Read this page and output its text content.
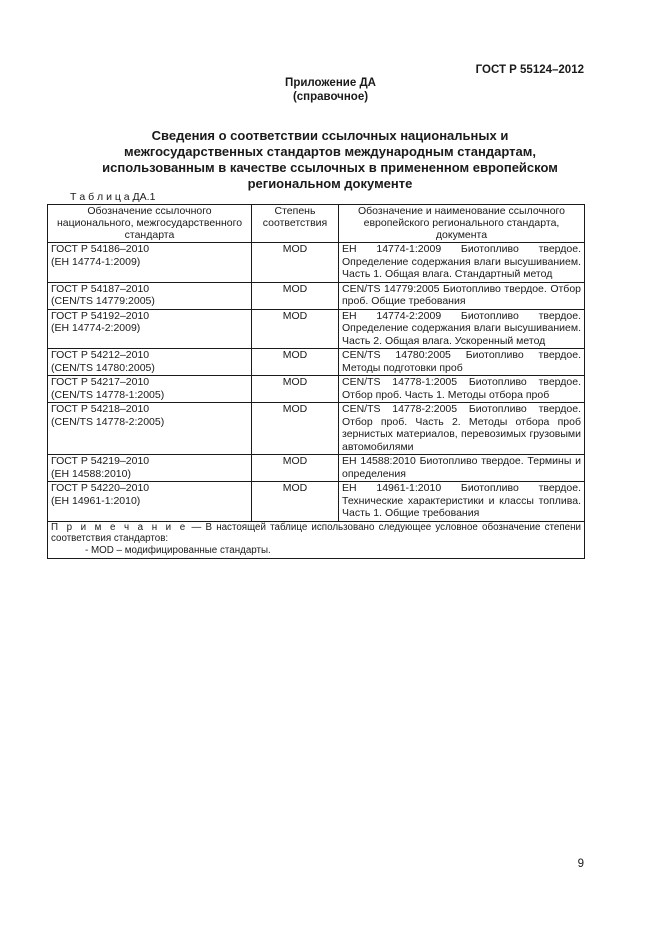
ГОСТ Р 55124–2012
Приложение ДА
(справочное)
Сведения о соответствии ссылочных национальных и
межгосударственных стандартов международным стандартам,
использованным в качестве ссылочных в примененном европейском
региональном документе
Т а б л и ц а ДА.1
Обозначение ссылочного национального, межгосударственного стандарта	Степень соответствия	Обозначение и наименование ссылочного европейского регионального стандарта, документа

ГОСТ Р 54186–2010
(ЕН 14774-1:2009)	MOD	ЕН 14774-1:2009 Биотопливо твердое. Определение содержания влаги высушиванием. Часть 1. Общая влага. Стандартный метод

ГОСТ Р 54187–2010
(CEN/TS 14779:2005)	MOD	CEN/TS 14779:2005 Биотопливо твердое. Отбор проб. Общие требования

ГОСТ Р 54192–2010
(ЕН 14774-2:2009)	MOD	ЕН 14774-2:2009 Биотопливо твердое. Определение содержания влаги высушиванием. Часть 2. Общая влага. Ускоренный метод

ГОСТ Р 54212–2010
(CEN/TS 14780:2005)	MOD	CEN/TS 14780:2005 Биотопливо твердое. Методы подготовки проб

ГОСТ Р 54217–2010
(CEN/TS 14778-1:2005)	MOD	CEN/TS 14778-1:2005 Биотопливо твердое. Отбор проб. Часть 1. Методы отбора проб

ГОСТ Р 54218–2010
(CEN/TS 14778-2:2005)	MOD	CEN/TS 14778-2:2005 Биотопливо твердое. Отбор проб. Часть 2. Методы отбора проб зернистых материалов, перевозимых грузовыми автомобилями

ГОСТ Р 54219–2010
(ЕН 14588:2010)	MOD	ЕН 14588:2010 Биотопливо твердое. Термины и определения

ГОСТ Р 54220–2010
(ЕН 14961-1:2010)	MOD	ЕН 14961-1:2010 Биотопливо твердое. Технические характеристики и классы топлива. Часть 1. Общие требования
П р и м е ч а н и е — В настоящей таблице использовано следующее условное обозначение степени соответствия стандартов:
- MOD – модифицированные стандарты.		
9
